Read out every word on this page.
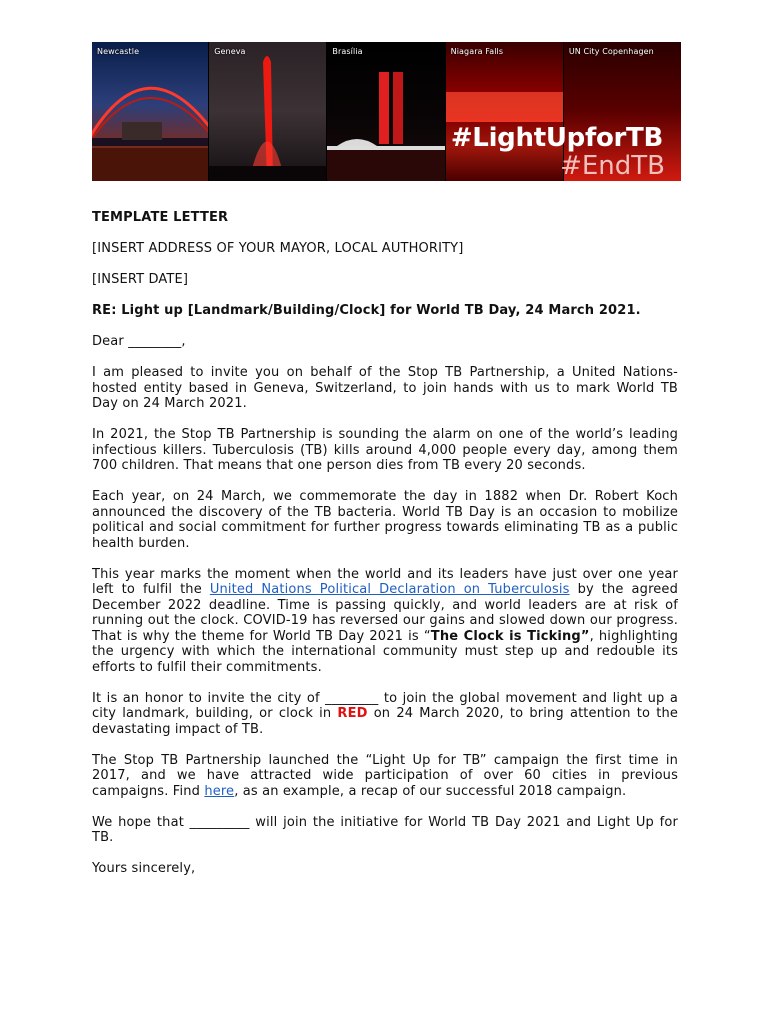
Newcastle	Geneva	Brasília	Niagara Falls	UN City Copenhagen
#LightUpforTB
#EndTB

TEMPLATE LETTER

[INSERT ADDRESS OF YOUR MAYOR, LOCAL AUTHORITY]

[INSERT DATE]

RE: Light up [Landmark/Building/Clock] for World TB Day, 24 March 2021.

Dear ________,

I am pleased to invite you on behalf of the Stop TB Partnership, a United Nations-hosted entity based in Geneva, Switzerland, to join hands with us to mark World TB Day on 24 March 2021.

In 2021, the Stop TB Partnership is sounding the alarm on one of the world’s leading infectious killers. Tuberculosis (TB) kills around 4,000 people every day, among them 700 children. That means that one person dies from TB every 20 seconds.

Each year, on 24 March, we commemorate the day in 1882 when Dr. Robert Koch announced the discovery of the TB bacteria. World TB Day is an occasion to mobilize political and social commitment for further progress towards eliminating TB as a public health burden.

This year marks the moment when the world and its leaders have just over one year left to fulfil the United Nations Political Declaration on Tuberculosis by the agreed December 2022 deadline. Time is passing quickly, and world leaders are at risk of running out the clock. COVID-19 has reversed our gains and slowed down our progress. That is why the theme for World TB Day 2021 is “The Clock is Ticking”, highlighting the urgency with which the international community must step up and redouble its efforts to fulfil their commitments.

It is an honor to invite the city of ________ to join the global movement and light up a city landmark, building, or clock in RED on 24 March 2020, to bring attention to the devastating impact of TB.

The Stop TB Partnership launched the “Light Up for TB” campaign the first time in 2017, and we have attracted wide participation of over 60 cities in previous campaigns. Find here, as an example, a recap of our successful 2018 campaign.

We hope that _________ will join the initiative for World TB Day 2021 and Light Up for TB.

Yours sincerely,
